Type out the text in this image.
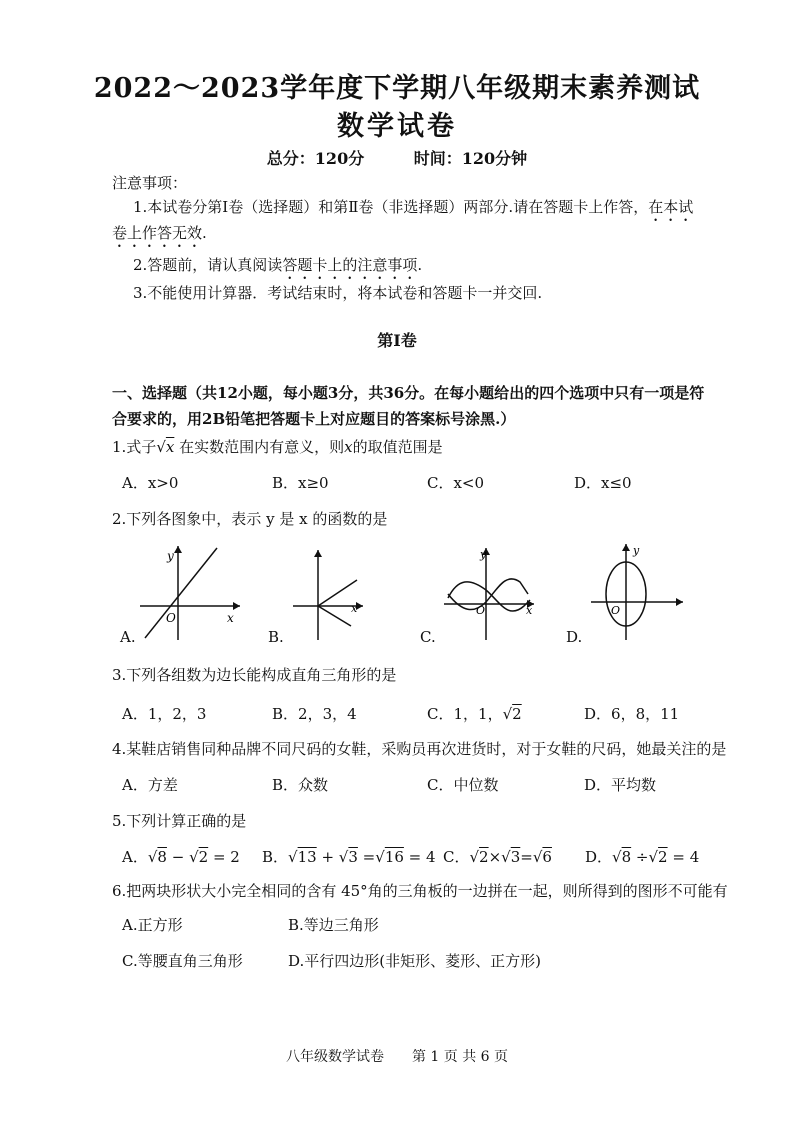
2022～2023学年度下学期八年级期末素养测试
数学试卷
总分：120分	时间：120分钟
注意事项：
1.本试卷分第Ⅰ卷（选择题）和第Ⅱ卷（非选择题）两部分.请在答题卡上作答，在本试
卷上作答无效.
2.答题前，请认真阅读答题卡上的注意事项.
3.不能使用计算器．考试结束时，将本试卷和答题卡一并交回.
第Ⅰ卷
一、选择题（共12小题，每小题3分，共36分。在每小题给出的四个选项中只有一项是符
合要求的，用2B铅笔把答题卡上对应题目的答案标号涂黑.）
1.式子√x 在实数范围内有意义，则x的取值范围是
A．x>0	B．x≥0	C．x<0	D．x≤0
2.下列各图象中，表示 y 是 x 的函数的是
y
x
O
A.
x
B.
y
O	x
C.
y
O
D.
3.下列各组数为边长能构成直角三角形的是
A．1，2，3	B．2，3，4	C．1，1，√2	D．6，8，11
4.某鞋店销售同种品牌不同尺码的女鞋，采购员再次进货时，对于女鞋的尺码，她最关注的是
A．方差	B．众数	C．中位数	D．平均数
5.下列计算正确的是
A．√8 − √2 = 2 B．√13 + √3 =√16 = 4 C．√2×√3=√6 D．√8 ÷√2 = 4
6.把两块形状大小完全相同的含有 45°角的三角板的一边拼在一起，则所得到的图形不可能有
A.正方形	B.等边三角形
C.等腰直角三角形	D.平行四边形(非矩形、菱形、正方形)
八年级数学试卷　　第 1 页 共 6 页
